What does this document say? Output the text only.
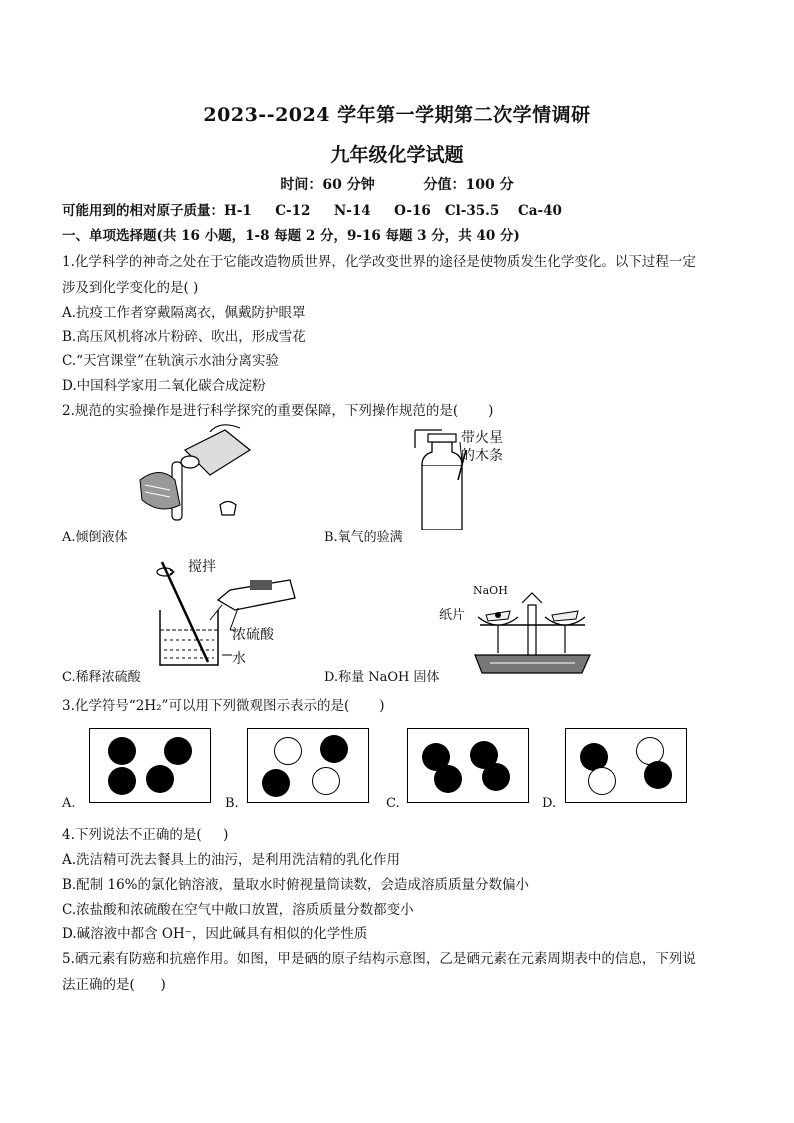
2023--2024 学年第一学期第二次学情调研
九年级化学试题
时间：60 分钟          分值：100 分
可能用到的相对原子质量：H-1     C-12     N-14     O-16   Cl-35.5    Ca-40
一、单项选择题(共 16 小题，1-8 每题 2 分，9-16 每题 3 分，共 40 分)
1.化学科学的神奇之处在于它能改造物质世界，化学改变世界的途径是使物质发生化学变化。以下过程一定
涉及到化学变化的是( )
A.抗疫工作者穿戴隔离衣，佩戴防护眼罩
B.高压风机将冰片粉碎、吹出，形成雪花
C.“天宫课堂”在轨演示水油分离实验
D.中国科学家用二氧化碳合成淀粉
2.规范的实验操作是进行科学探究的重要保障，下列操作规范的是(       )
A.倾倒液体
带火星
的木条
B.氧气的验满
搅拌
浓硫酸
水
C.稀释浓硫酸
NaOH
纸片
D.称量 NaOH 固体
3.化学符号“2H₂”可以用下列微观图示表示的是(       )
A.	B.	C.	D.
4.下列说法不正确的是(     )
A.洗洁精可洗去餐具上的油污，是利用洗洁精的乳化作用
B.配制 16%的氯化钠溶液，量取水时俯视量筒读数，会造成溶质质量分数偏小
C.浓盐酸和浓硫酸在空气中敞口放置，溶质质量分数都变小
D.碱溶液中都含 OH⁻，因此碱具有相似的化学性质
5.硒元素有防癌和抗癌作用。如图，甲是硒的原子结构示意图，乙是硒元素在元素周期表中的信息，下列说
法正确的是(      )
